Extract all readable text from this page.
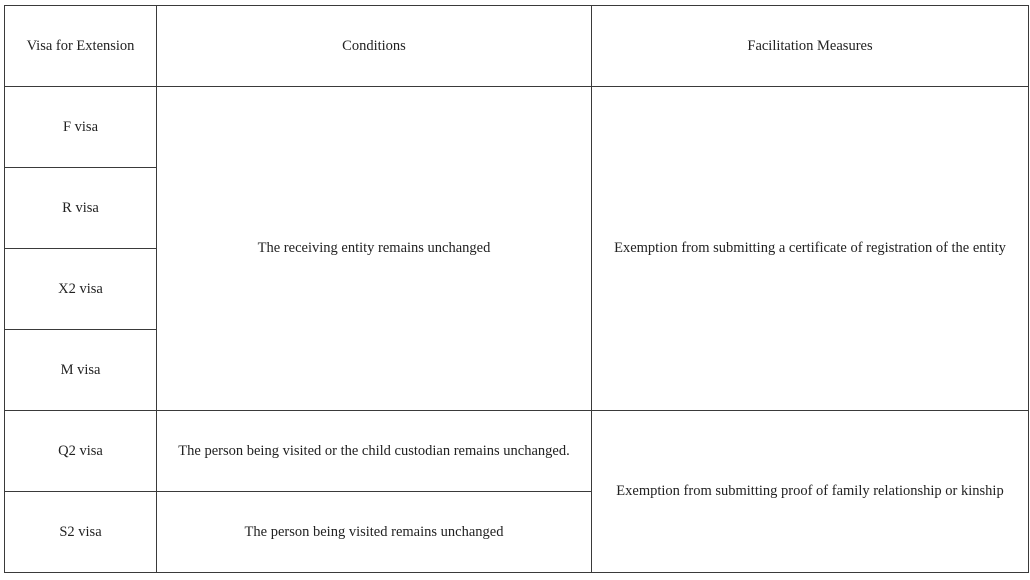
Visa for Extension	Conditions	Facilitation Measures
F visa	The receiving entity remains unchanged	Exemption from submitting a certificate of registration of the entity
R visa		
X2 visa		
M visa		
Q2 visa	The person being visited or the child custodian remains unchanged.	Exemption from submitting proof of family relationship or kinship
S2 visa	The person being visited remains unchanged	
